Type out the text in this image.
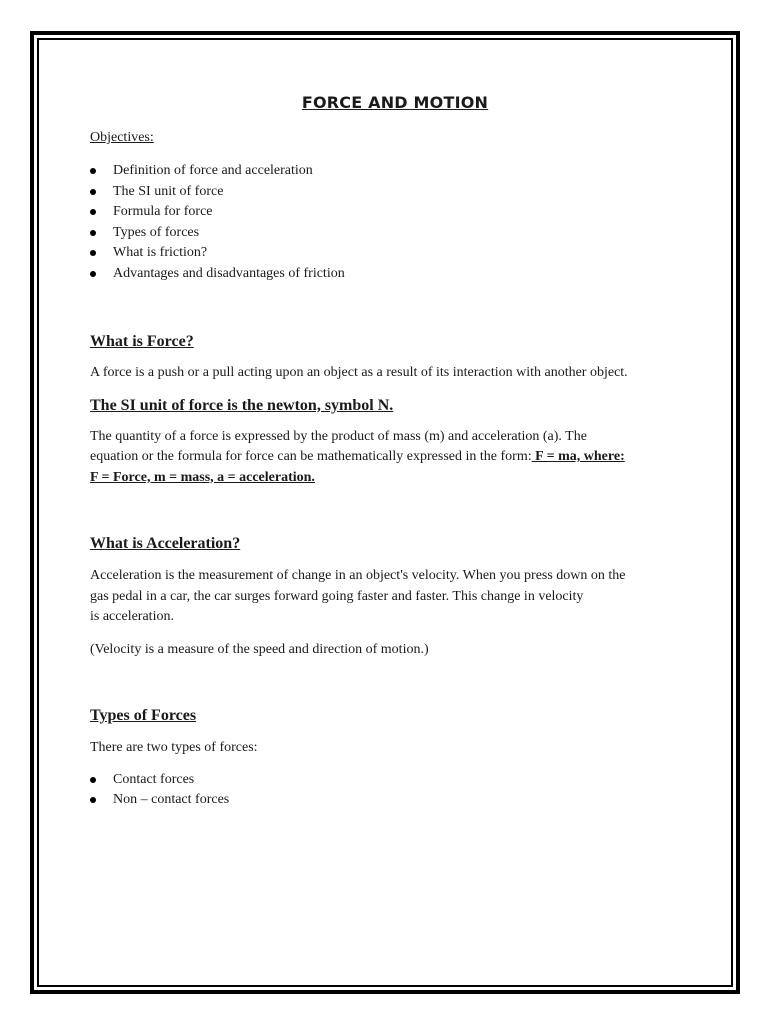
FORCE AND MOTION
Objectives:
Definition of force and acceleration
The SI unit of force
Formula for force
Types of forces
What is friction?
Advantages and disadvantages of friction
What is Force?

A force is a push or a pull acting upon an object as a result of its interaction with another object.

The SI unit of force is the newton, symbol N.

The quantity of a force is expressed by the product of mass (m) and acceleration (a). The
equation or the formula for force can be mathematically expressed in the form: F = ma, where:
F = Force, m = mass, a = acceleration.

What is Acceleration?

Acceleration is the measurement of change in an object's velocity. When you press down on the
gas pedal in a car, the car surges forward going faster and faster. This change in velocity
is acceleration.

(Velocity is a measure of the speed and direction of motion.)

Types of Forces

There are two types of forces:

Contact forces
Non – contact forces
